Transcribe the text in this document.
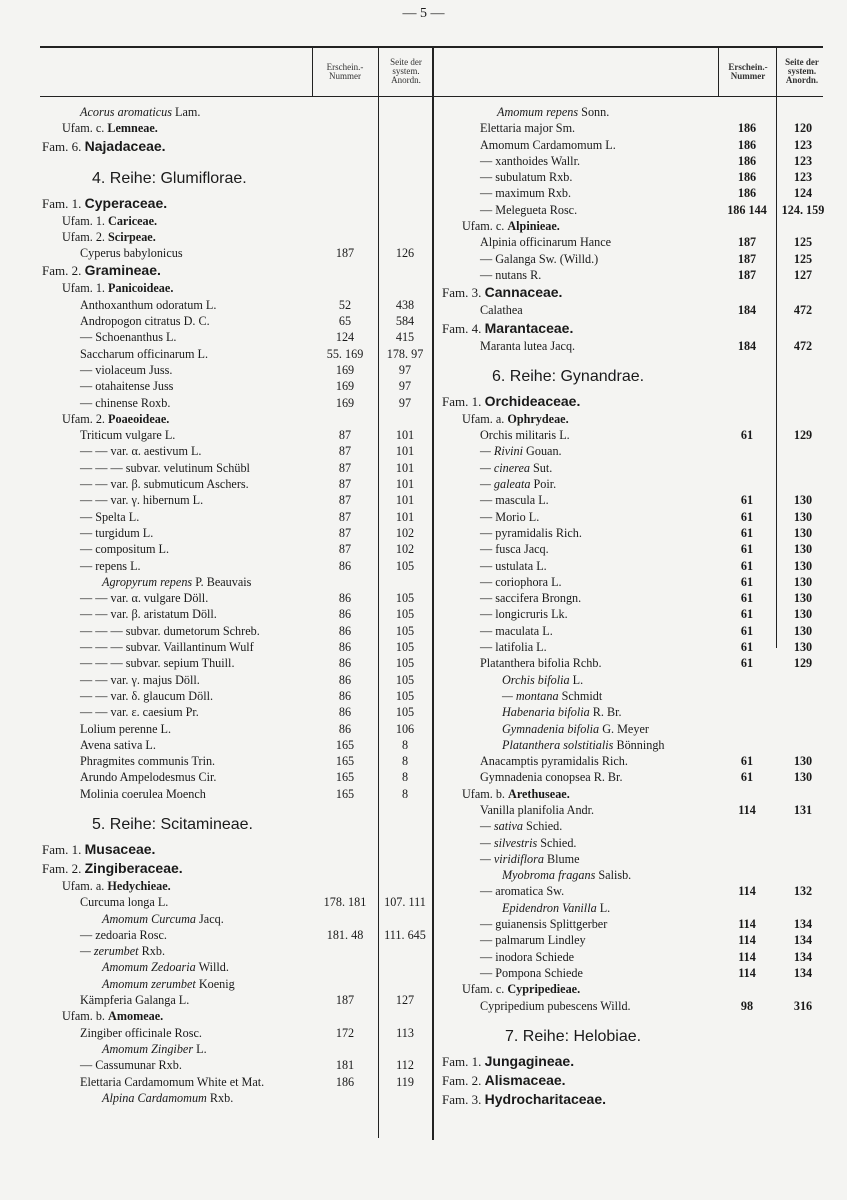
— 5 —
Erschein.-
Nummer
Seite der
system.
Anordn.
Erschein.-
Nummer
Seite der
system.
Anordn.
Acorus aromaticus Lam.
Ufam. c. Lemneae.
Fam. 6. Najadaceae.
4. Reihe: Glumiflorae.
Fam. 1. Cyperaceae.
Ufam. 1. Cariceae.
Ufam. 2. Scirpeae.
Cyperus babylonicus	187	126
Fam. 2. Gramineae.
Ufam. 1. Panicoideae.
Anthoxanthum odoratum L.	52	438
Andropogon citratus D. C.	65	584
— Schoenanthus L.	124	415
Saccharum officinarum L.	55. 169	178. 97
— violaceum Juss.	169	97
— otahaitense Juss	169	97
— chinense Roxb.	169	97
Ufam. 2. Poaeoideae.
Triticum vulgare L.	87	101
— — var. α. aestivum L.	87	101
— — — subvar. velutinum Schübl	87	101
— — var. β. submuticum Aschers.	87	101
— — var. γ. hibernum L.	87	101
— Spelta L.	87	101
— turgidum L.	87	102
— compositum L.	87	102
— repens L.	86	105
Agropyrum repens P. Beauvais
— — var. α. vulgare Döll.	86	105
— — var. β. aristatum Döll.	86	105
— — — subvar. dumetorum Schreb.	86	105
— — — subvar. Vaillantinum Wulf	86	105
— — — subvar. sepium Thuill.	86	105
— — var. γ. majus Döll.	86	105
— — var. δ. glaucum Döll.	86	105
— — var. ε. caesium Pr.	86	105
Lolium perenne L.	86	106
Avena sativa L.	165	8
Phragmites communis Trin.	165	8
Arundo Ampelodesmus Cir.	165	8
Molinia coerulea Moench	165	8
5. Reihe: Scitamineae.
Fam. 1. Musaceae.
Fam. 2. Zingiberaceae.
Ufam. a. Hedychieae.
Curcuma longa L.	178. 181	107. 111
Amomum Curcuma Jacq.
— zedoaria Rosc.	181. 48	111. 645
— zerumbet Rxb.
Amomum Zedoaria Willd.
Amomum zerumbet Koenig
Kämpferia Galanga L.	187	127
Ufam. b. Amomeae.
Zingiber officinale Rosc.	172	113
Amomum Zingiber L.
— Cassumunar Rxb.	181	112
Elettaria Cardamomum White et Mat.	186	119
Alpina Cardamomum Rxb.
Amomum repens Sonn.
Elettaria major Sm.	186	120
Amomum Cardamomum L.	186	123
— xanthoides Wallr.	186	123
— subulatum Rxb.	186	123
— maximum Rxb.	186	124
— Melegueta Rosc.	186 144	124. 159
Ufam. c. Alpinieae.
Alpinia officinarum Hance	187	125
— Galanga Sw. (Willd.)	187	125
— nutans R.	187	127
Fam. 3. Cannaceae.
Calathea	184	472
Fam. 4. Marantaceae.
Maranta lutea Jacq.	184	472
6. Reihe: Gynandrae.
Fam. 1. Orchideaceae.
Ufam. a. Ophrydeae.
Orchis militaris L.	61	129
— Rivini Gouan.
— cinerea Sut.
— galeata Poir.
— mascula L.	61	130
— Morio L.	61	130
— pyramidalis Rich.	61	130
— fusca Jacq.	61	130
— ustulata L.	61	130
— coriophora L.	61	130
— saccifera Brongn.	61	130
— longicruris Lk.	61	130
— maculata L.	61	130
— latifolia L.	61	130
Platanthera bifolia Rchb.	61	129
Orchis bifolia L.
— montana Schmidt
Habenaria bifolia R. Br.
Gymnadenia bifolia G. Meyer
Platanthera solstitialis Bönningh
Anacamptis pyramidalis Rich.	61	130
Gymnadenia conopsea R. Br.	61	130
Ufam. b. Arethuseae.
Vanilla planifolia Andr.	114	131
— sativa Schied.
— silvestris Schied.
— viridiflora Blume
Myobroma fragans Salisb.
— aromatica Sw.	114	132
Epidendron Vanilla L.
— guianensis Splittgerber	114	134
— palmarum Lindley	114	134
— inodora Schiede	114	134
— Pompona Schiede	114	134
Ufam. c. Cypripedieae.
Cypripedium pubescens Willd.	98	316
7. Reihe: Helobiae.
Fam. 1. Jungagineae.
Fam. 2. Alismaceae.
Fam. 3. Hydrocharitaceae.
